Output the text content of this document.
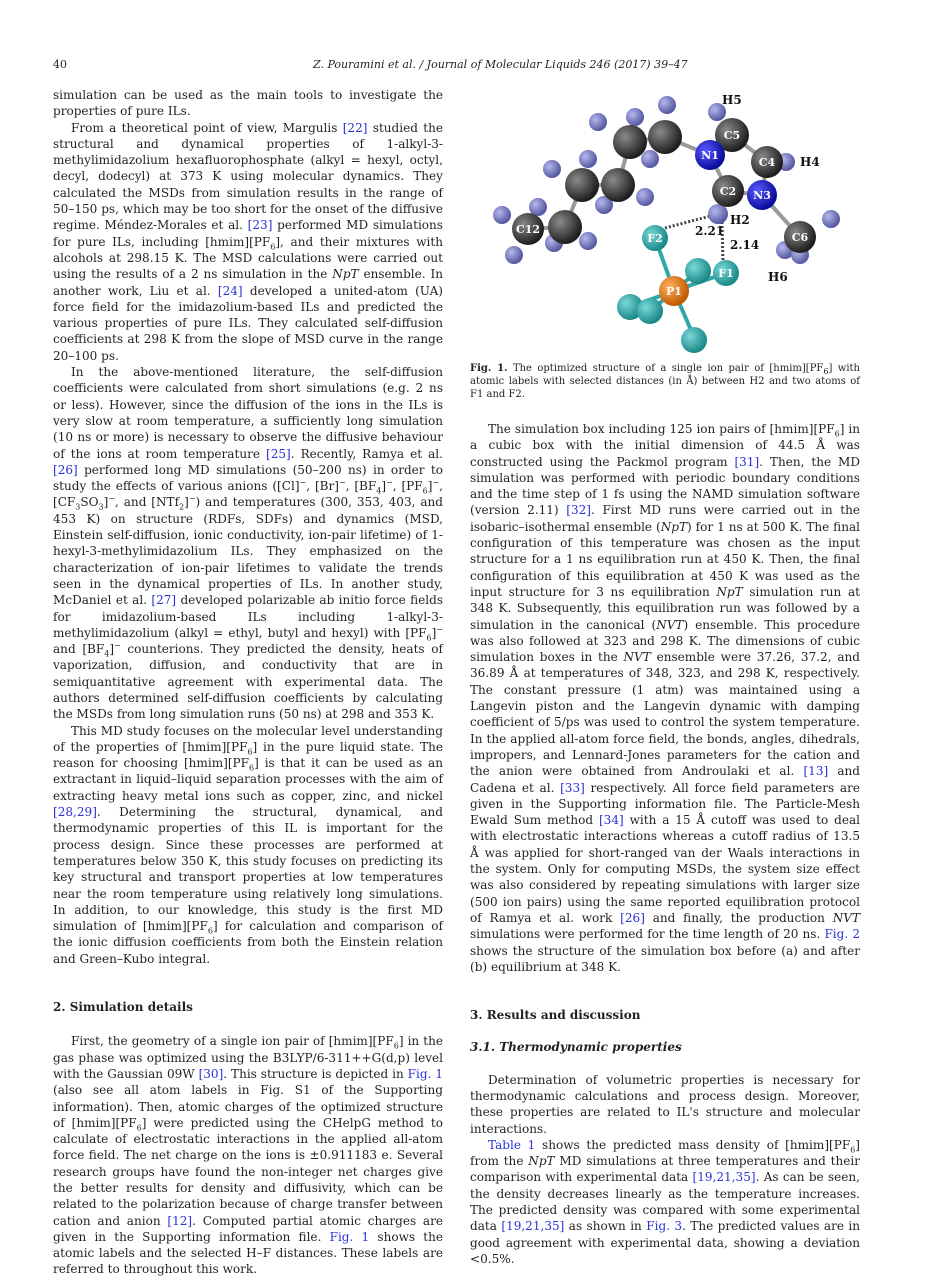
40	Z. Pouramini et al. / Journal of Molecular Liquids 246 (2017) 39–47

simulation can be used as the main tools to investigate the properties of pure ILs.

From a theoretical point of view, Margulis [22] studied the structural and dynamical properties of 1-alkyl-3-methylimidazolium hexafluorophosphate (alkyl = hexyl, octyl, decyl, dodecyl) at 373 K using molecular dynamics. They calculated the MSDs from simulation results in the range of 50–150 ps, which may be too short for the onset of the diffusive regime. Méndez-Morales et al. [23] performed MD simulations for pure ILs, including $[hmim][PF_6]$, and their mixtures with alcohols at 298.15 K. The MSD calculations were carried out using the results of a 2 ns simulation in the NpT ensemble. In another work, Liu et al. [24] developed a united-atom (UA) force field for the imidazolium-based ILs and predicted the various properties of pure ILs. They calculated self-diffusion coefficients at 298 K from the slope of MSD curve in the range 20–100 ps.

In the above-mentioned literature, the self-diffusion coefficients were calculated from short simulations (e.g. 2 ns or less). However, since the diffusion of the ions in the ILs is very slow at room temperature, a sufficiently long simulation (10 ns or more) is necessary to observe the diffusive behaviour of the ions at room temperature [25]. Recently, Ramya et al. [26] performed long MD simulations (50–200 ns) in order to study the effects of various anions ([Cl]−, [Br]−, $[BF_4]^-$, $[PF_6]^-$, $[CF_3SO_3]^-$, and [NTf$_2$]−) and temperatures (300, 353, 403, and 453 K) on structure (RDFs, SDFs) and dynamics (MSD, Einstein self-diffusion, ionic conductivity, ion-pair lifetime) of 1-hexyl-3-methylimidazolium ILs. They emphasized on the characterization of ion-pair lifetimes to validate the trends seen in the dynamical properties of ILs. In another study, McDaniel et al. [27] developed polarizable ab initio force fields for imidazolium-based ILs including 1-alkyl-3-methylimidazolium (alkyl = ethyl, butyl and hexyl) with $[PF_6]^-$ and $[BF_4]^-$ counterions. They predicted the density, heats of vaporization, diffusion, and conductivity that are in semiquantitative agreement with experimental data. The authors determined self-diffusion coefficients by calculating the MSDs from long simulation runs (50 ns) at 298 and 353 K.

This MD study focuses on the molecular level understanding of the properties of $[hmim][PF_6]$ in the pure liquid state. The reason for choosing $[hmim][PF_6]$ is that it can be used as an extractant in liquid–liquid separation processes with the aim of extracting heavy metal ions such as copper, zinc, and nickel [28,29]. Determining the structural, dynamical, and thermodynamic properties of this IL is important for the process design. Since these processes are performed at temperatures below 350 K, this study focuses on predicting its key structural and transport properties at low temperatures near the room temperature using relatively long simulations. In addition, to our knowledge, this study is the first MD simulation of $[hmim][PF_6]$ for calculation and comparison of the ionic diffusion coefficients from both the Einstein relation and Green–Kubo integral.

2. Simulation details

First, the geometry of a single ion pair of $[hmim][PF_6]$ in the gas phase was optimized using the B3LYP/6-311++G(d,p) level with the Gaussian 09W [30]. This structure is depicted in Fig. 1 (also see all atom labels in Fig. S1 of the Supporting information). Then, atomic charges of the optimized structure of $[hmim][PF_6]$ were predicted using the CHelpG method to calculate of electrostatic interactions in the applied all-atom force field. The net charge on the ions is ±0.911183 e. Several research groups have found the non-integer net charges give the better results for density and diffusivity, which can be related to the polarization because of charge transfer between cation and anion [12]. Computed partial atomic charges are given in the Supporting information file. Fig. 1 shows the atomic labels and the selected H–F distances. These labels are referred to throughout this work.

C12
C5
N1
C4
C2 N3
C6
F2
F1
P1
H5
H4
H2
H6
2.21
2.14

Fig. 1. The optimized structure of a single ion pair of $[hmim][PF_6]$ with atomic labels with selected distances (in Å) between H2 and two atoms of F1 and F2.

The simulation box including 125 ion pairs of $[hmim][PF_6]$ in a cubic box with the initial dimension of 44.5 Å was constructed using the Packmol program [31]. Then, the MD simulation was performed with periodic boundary conditions and the time step of 1 fs using the NAMD simulation software (version 2.11) [32]. First MD runs were carried out in the isobaric–isothermal ensemble (NpT) for 1 ns at 500 K. The final configuration of this temperature was chosen as the input structure for a 1 ns equilibration run at 450 K. Then, the final configuration of this equilibration at 450 K was used as the input structure for 3 ns equilibration NpT simulation run at 348 K. Subsequently, this equilibration run was followed by a simulation in the canonical (NVT) ensemble. This procedure was also followed at 323 and 298 K. The dimensions of cubic simulation boxes in the NVT ensemble were 37.26, 37.2, and 36.89 Å at temperatures of 348, 323, and 298 K, respectively. The constant pressure (1 atm) was maintained using a Langevin piston and the Langevin dynamic with damping coefficient of 5/ps was used to control the system temperature. In the applied all-atom force field, the bonds, angles, dihedrals, impropers, and Lennard-Jones parameters for the cation and the anion were obtained from Androulaki et al. [13] and Cadena et al. [33] respectively. All force field parameters are given in the Supporting information file. The Particle-Mesh Ewald Sum method [34] with a 15 Å cutoff was used to deal with electrostatic interactions whereas a cutoff radius of 13.5 Å was applied for short-ranged van der Waals interactions in the system. Only for computing MSDs, the system size effect was also considered by repeating simulations with larger size (500 ion pairs) using the same reported equilibration protocol of Ramya et al. work [26] and finally, the production NVT simulations were performed for the time length of 20 ns. Fig. 2 shows the structure of the simulation box before (a) and after (b) equilibrium at 348 K.

3. Results and discussion
3.1. Thermodynamic properties

Determination of volumetric properties is necessary for thermodynamic calculations and process design. Moreover, these properties are related to IL's structure and molecular interactions.

Table 1 shows the predicted mass density of $[hmim][PF_6]$ from the NpT MD simulations at three temperatures and their comparison with experimental data [19,21,35]. As can be seen, the density decreases linearly as the temperature increases. The predicted density was compared with some experimental data [19,21,35] as shown in Fig. 3. The predicted values are in good agreement with experimental data, showing a deviation <0.5%.
